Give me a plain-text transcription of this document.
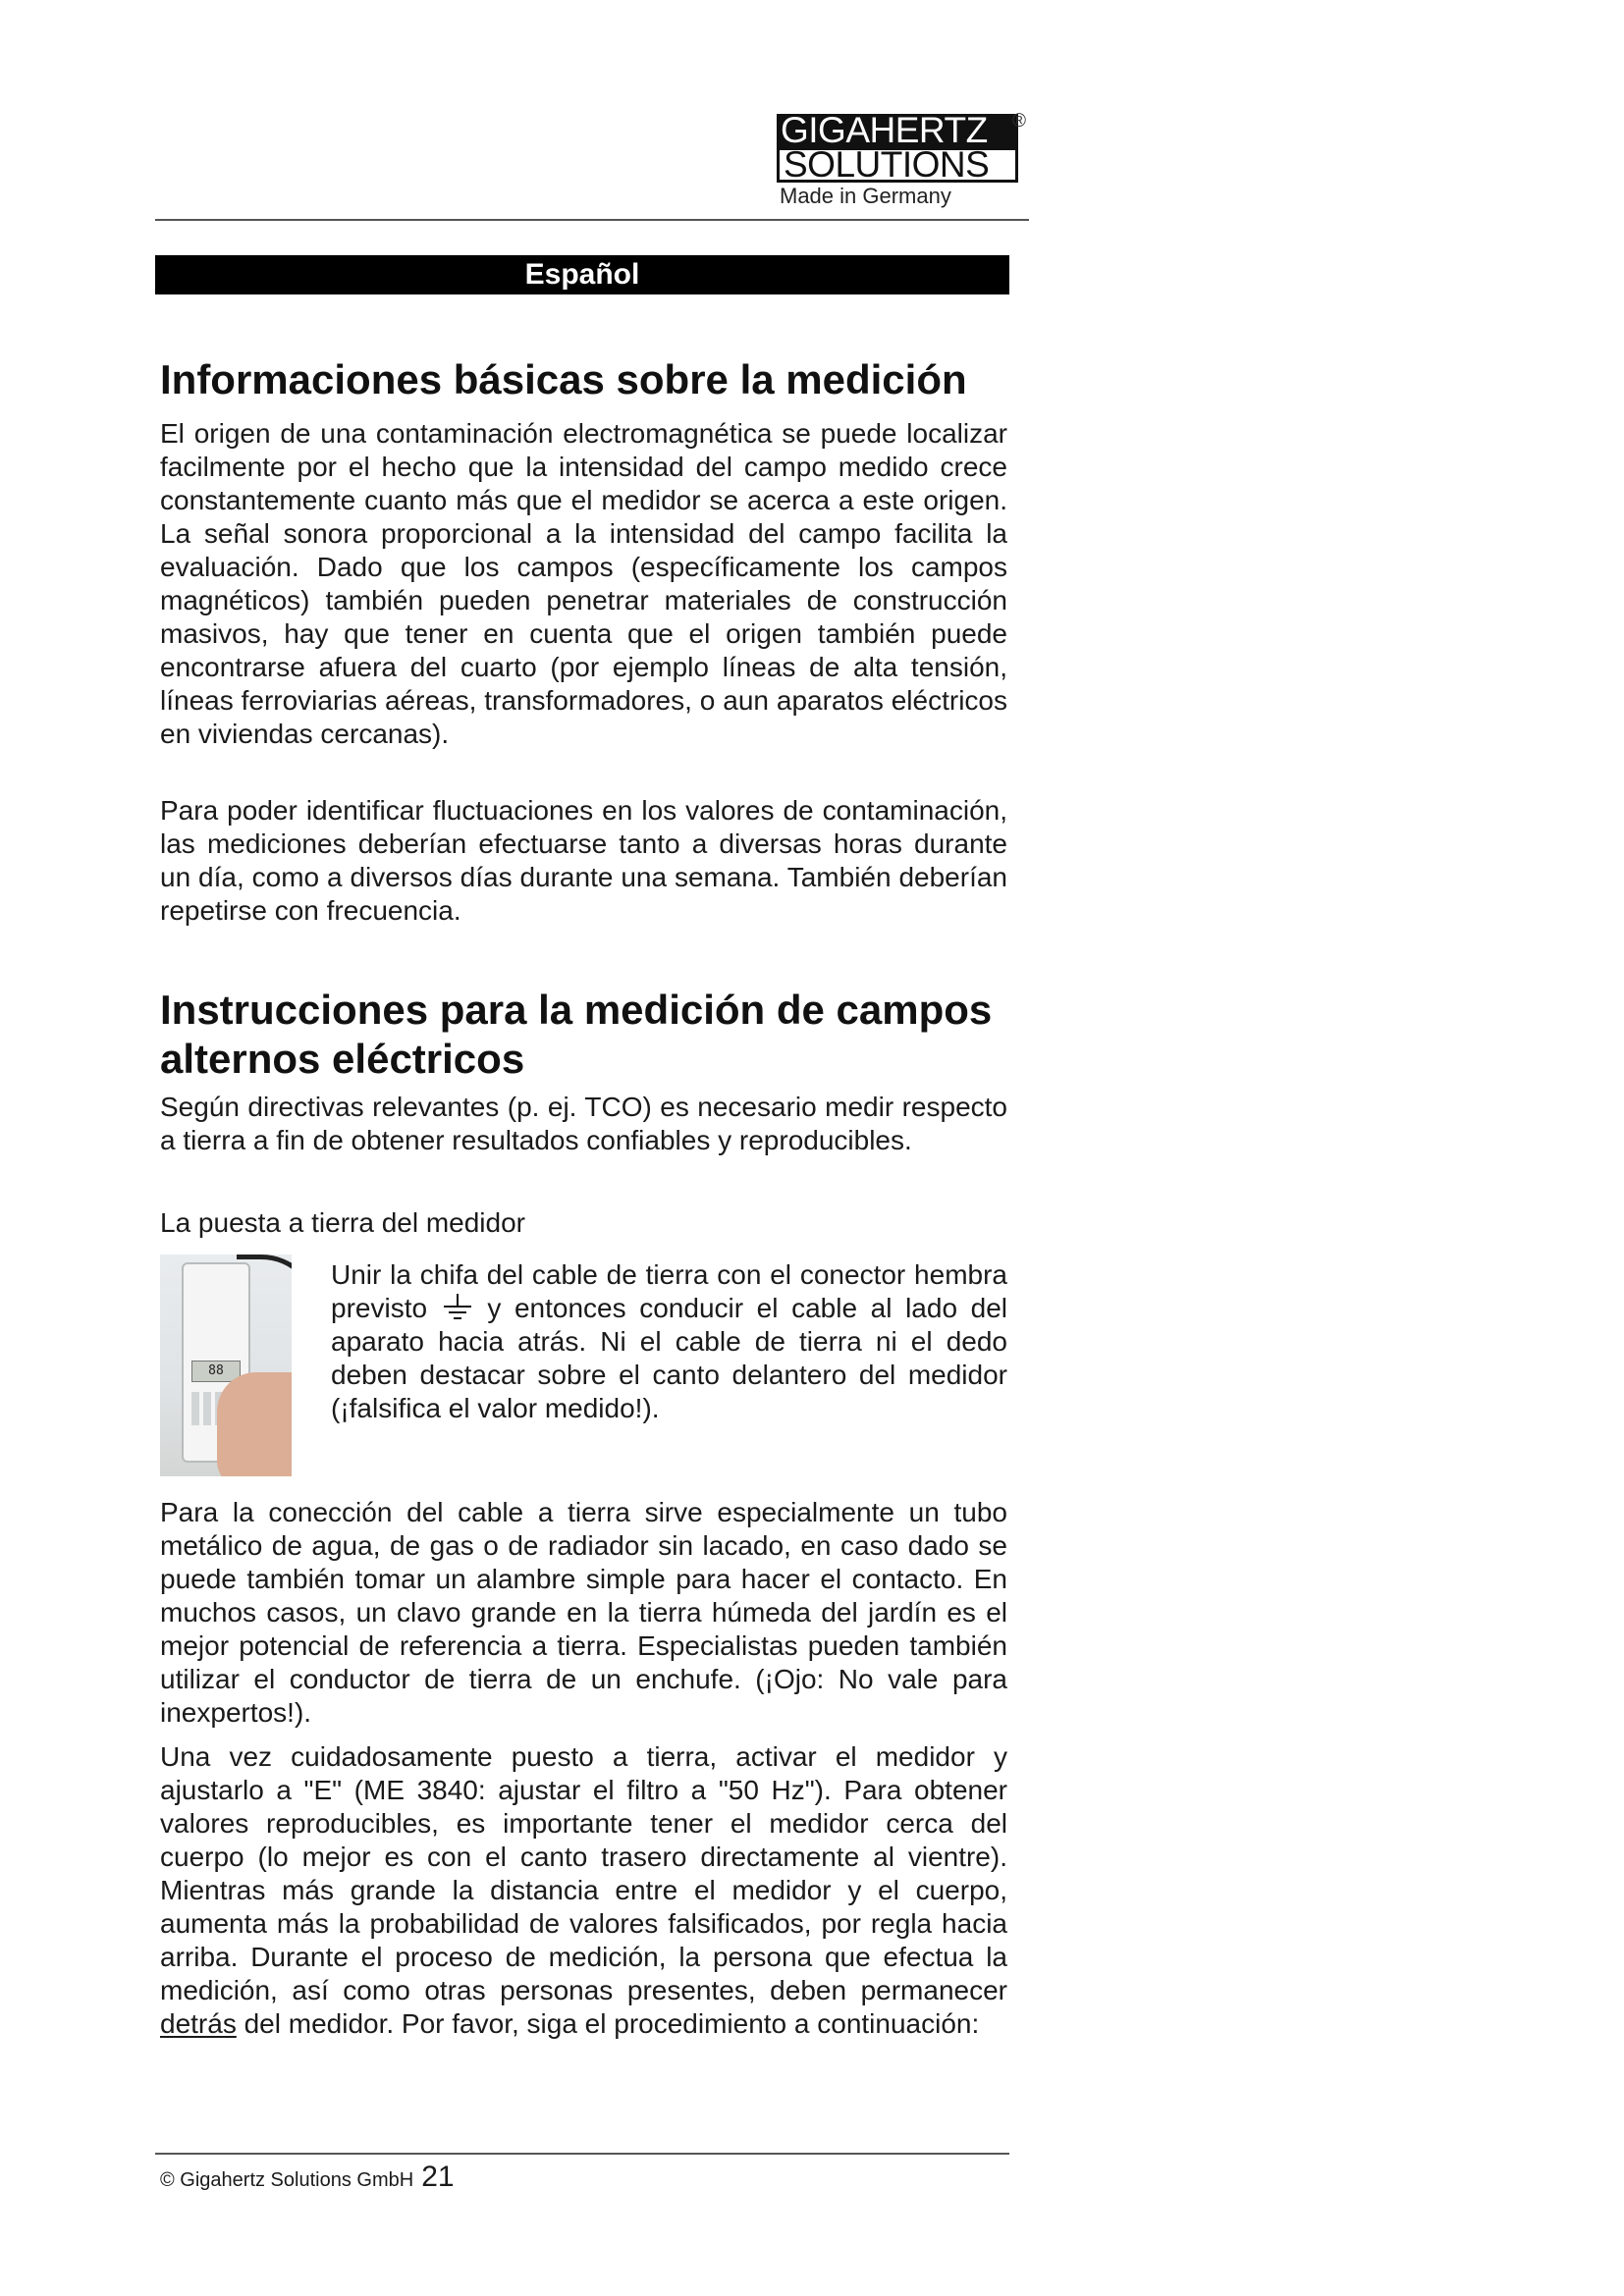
GIGAHERTZ
SOLUTIONS
Made in Germany
®
Español
Informaciones básicas sobre la medición

El origen de una contaminación electromagnética se puede localizar facilmente por el hecho que la intensidad del campo medido crece constantemente cuanto más que el medidor se acerca a este origen. La señal sonora proporcional a la intensidad del campo facilita la evaluación. Dado que los campos (específicamente los campos magnéticos) también pueden penetrar materiales de construcción masivos, hay que tener en cuenta que el origen también puede encontrarse afuera del cuarto (por ejemplo líneas de alta tensión, líneas ferroviarias aéreas, transformadores, o aun aparatos eléctricos en viviendas cercanas).

Para poder identificar fluctuaciones en los valores de contaminación, las mediciones deberían efectuarse tanto a diversas horas durante un día, como a diversos días durante una semana. También deberían repetirse con frecuencia.

Instrucciones para la medición de campos alternos eléctricos

Según directivas relevantes (p. ej. TCO) es necesario medir respecto a tierra a fin de obtener resultados confiables y reproducibles.

La puesta a tierra del medidor

88

Unir la chifa del cable de tierra con el conector hembra previsto y entonces conducir el cable al lado del aparato hacia atrás. Ni el cable de tierra ni el dedo deben destacar sobre el canto delantero del medidor (¡falsifica el valor medido!).

Para la conección del cable a tierra sirve especialmente un tubo metálico de agua, de gas o de radiador sin lacado, en caso dado se puede también tomar un alambre simple para hacer el contacto. En muchos casos, un clavo grande en la tierra húmeda del jardín es el mejor potencial de referencia a tierra. Especialistas pueden también utilizar el conductor de tierra de un enchufe. (¡Ojo: No vale para inexpertos!).

Una vez cuidadosamente puesto a tierra, activar el medidor y ajustarlo a "E" (ME 3840: ajustar el filtro a "50 Hz"). Para obtener valores reproducibles, es importante tener el medidor cerca del cuerpo (lo mejor es con el canto trasero directamente al vientre). Mientras más grande la distancia entre el medidor y el cuerpo, aumenta más la probabilidad de valores falsificados, por regla hacia arriba. Durante el proceso de medición, la persona que efectua la medición, así como otras personas presentes, deben permanecer detrás del medidor. Por favor, siga el procedimiento a continuación:

© Gigahertz Solutions GmbH 21
